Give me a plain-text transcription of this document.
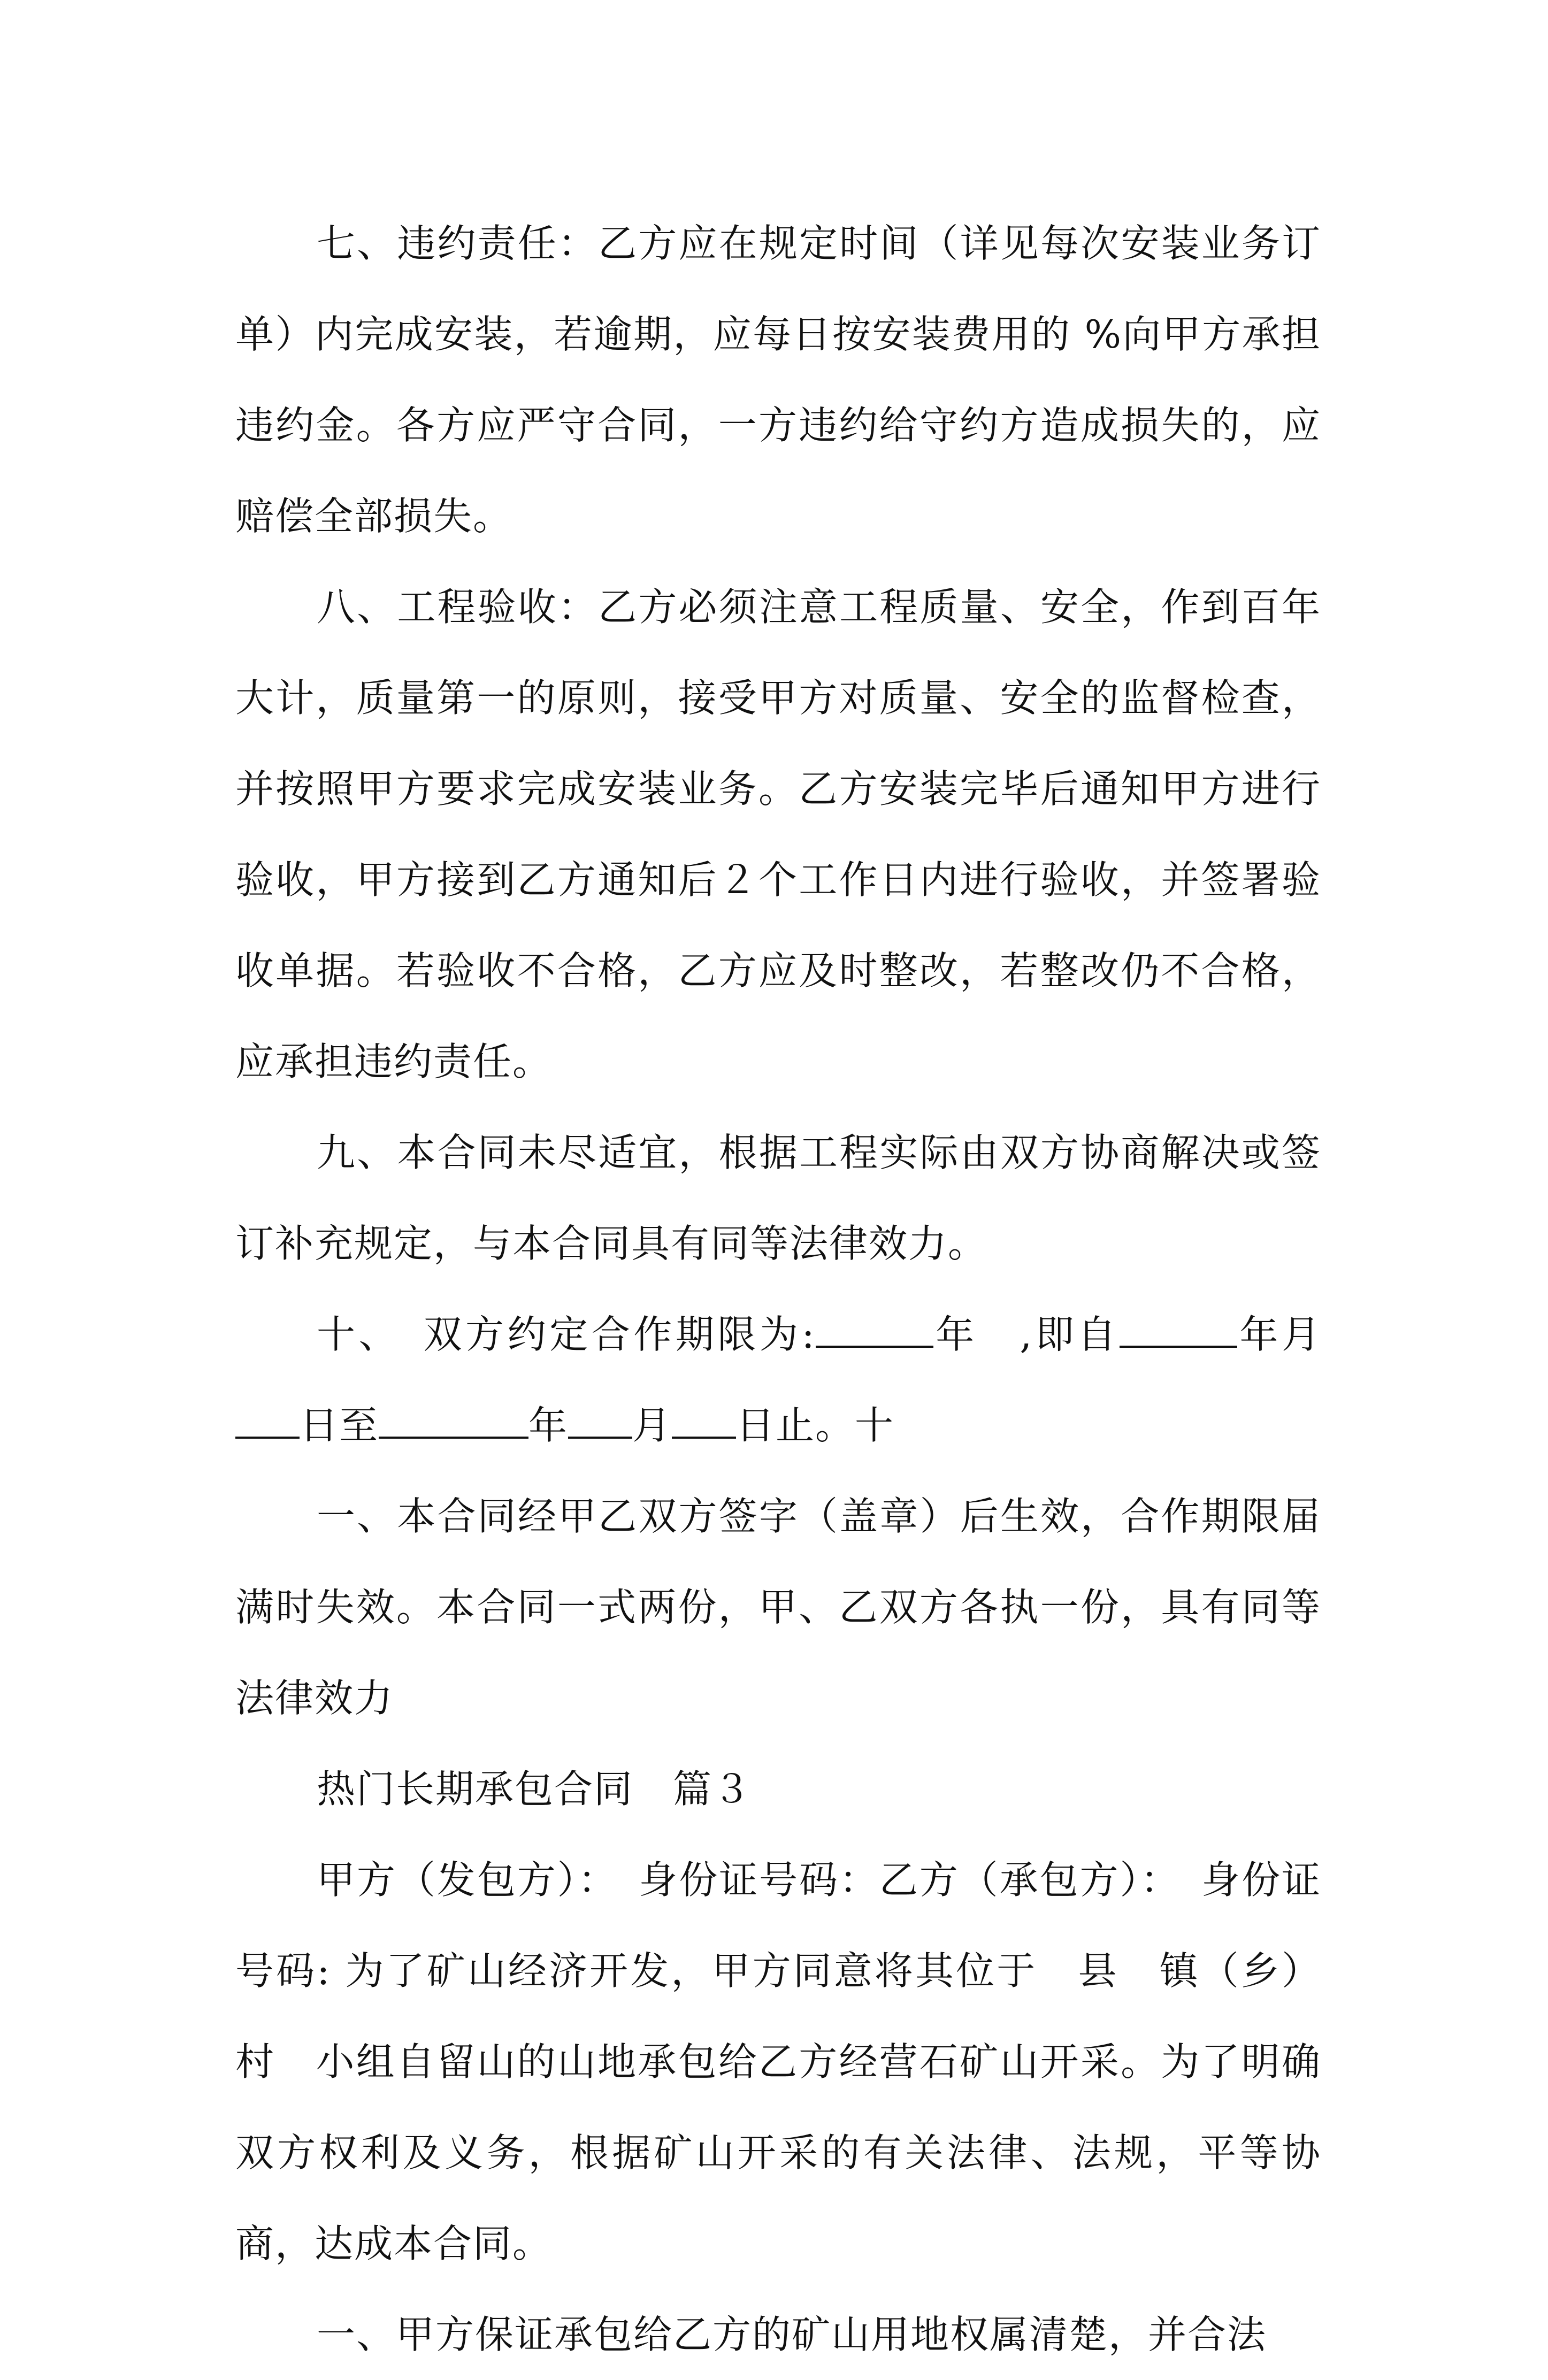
七、违约责任：乙方应在规定时间（详见每次安装业务订单）内完成安装，若逾期，应每日按安装费用的 %向甲方承担违约金。各方应严守合同，一方违约给守约方造成损失的，应赔偿全部损失。

八、工程验收：乙方必须注意工程质量、安全，作到百年大计，质量第一的原则，接受甲方对质量、安全的监督检查，并按照甲方要求完成安装业务。乙方安装完毕后通知甲方进行验收，甲方接到乙方通知后２个工作日内进行验收，并签署验收单据。若验收不合格，乙方应及时整改，若整改仍不合格，应承担违约责任。

九、本合同未尽适宜，根据工程实际由双方协商解决或签订补充规定，与本合同具有同等法律效力。

十、　双方约定合作期限为:	年　,即自	年月　日至	年 月 日止。十

一、本合同经甲乙双方签字（盖章）后生效，合作期限届满时失效。本合同一式两份，甲、乙双方各执一份，具有同等法律效力

热门长期承包合同　篇３

甲方（发包方）：　身份证号码：乙方（承包方）：　身份证号码: 为了矿山经济开发，甲方同意将其位于　县　镇（乡）村　小组自留山的山地承包给乙方经营石矿山开采。为了明确双方权利及义务，根据矿山开采的有关法律、法规，平等协商，达成本合同。

一、甲方保证承包给乙方的矿山用地权属清楚，并合法
